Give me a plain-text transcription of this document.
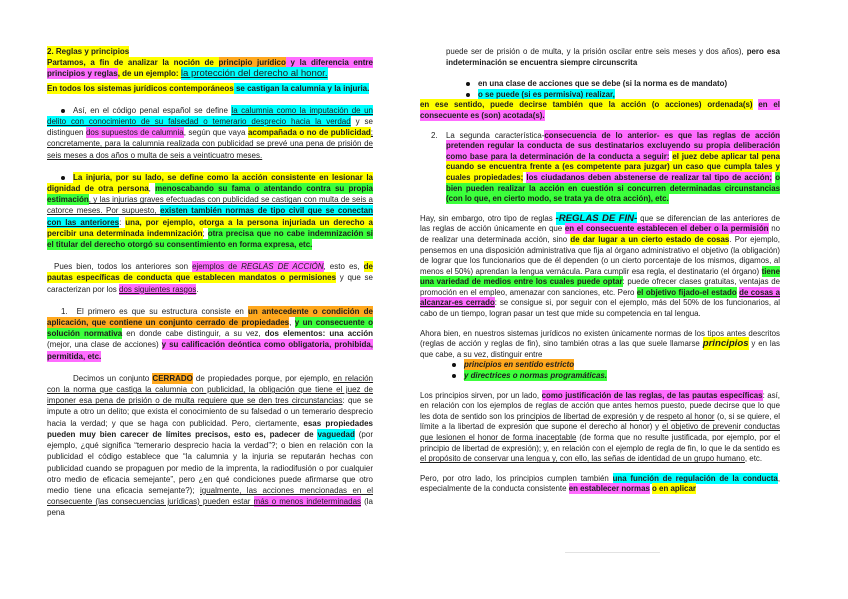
2. Reglas y principios
Partamos, a fin de analizar la noción de principio jurídico y la diferencia entre principios y reglas, de un ejemplo: la protección del derecho al honor.
En todos los sistemas jurídicos contemporáneos se castigan la calumnia y la injuria.
Así, en el código penal español se define la calumnia como la imputación de un delito con conocimiento de su falsedad o temerario desprecio hacia la verdad y se distinguen dos supuestos de calumnia, según que vaya acompañada o no de publicidad; concretamente, para la calumnia realizada con publicidad se prevé una pena de prisión de seis meses a dos años o multa de seis a veinticuatro meses.
La injuria, por su lado, se define como la acción consistente en lesionar la dignidad de otra persona, menoscabando su fama o atentando contra su propia estimación, y las injurias graves efectuadas con publicidad se castigan con multa de seis a catorce meses. Por supuesto, existen también normas de tipo civil que se conectan con las anteriores: una, por ejemplo, otorga a la persona injuriada un derecho a percibir una determinada indemnización; otra precisa que no cabe indemnización si el titular del derecho otorgó su consentimiento en forma expresa, etc.
Pues bien, todos los anteriores son ejemplos de REGLAS DE ACCIÓN, esto es, de pautas específicas de conducta que establecen mandatos o permisiones y que se caracterizan por los dos siguientes rasgos.
1. El primero es que su estructura consiste en un antecedente o condición de aplicación, que contiene un conjunto cerrado de propiedades, y un consecuente o solución normativa en donde cabe distinguir, a su vez, dos elementos: una acción (mejor, una clase de acciones) y su calificación deóntica como obligatoria, prohibida, permitida, etc.
Decimos un conjunto CERRADO de propiedades porque, por ejemplo, en relación con la norma que castiga la calumnia con publicidad, la obligación que tiene el juez de imponer esa pena de prisión o de multa requiere que se den tres circunstancias: que se impute a otro un delito; que exista el conocimiento de su falsedad o un temerario desprecio hacia la verdad; y que se haga con publicidad. Pero, ciertamente, esas propiedades pueden muy bien carecer de límites precisos, esto es, padecer de vaguedad (por ejemplo, ¿qué significa “temerario desprecio hacia la verdad”?; o bien en relación con la publicidad el código establece que “la calumnia y la injuria se reputarán hechas con publicidad cuando se propaguen por medio de la imprenta, la radiodifusión o por cualquier otro medio de eficacia semejante”, pero ¿en qué condiciones puede afirmarse que otro medio tiene una eficacia semejante?); igualmente, las acciones mencionadas en el consecuente (las consecuencias jurídicas) pueden estar más o menos indeterminadas (la pena
puede ser de prisión o de multa, y la prisión oscilar entre seis meses y dos años), pero esa indeterminación se encuentra siempre circunscrita
en una clase de acciones que se debe (si la norma es de mandato)
o se puede (si es permisiva) realizar,
en ese sentido, puede decirse también que la acción (o acciones) ordenada(s) en el consecuente es (son) acotada(s).
2. La segunda característica-consecuencia de lo anterior- es que las reglas de acción pretenden regular la conducta de sus destinatarios excluyendo su propia deliberación como base para la determinación de la conducta a seguir: el juez debe aplicar tal pena cuando se encuentra frente a (es competente para juzgar) un caso que cumpla tales y cuales propiedades; los ciudadanos deben abstenerse de realizar tal tipo de acción; o bien pueden realizar la acción en cuestión si concurren determinadas circunstancias (con lo que, en cierto modo, se trata ya de otra acción), etc.
Hay, sin embargo, otro tipo de reglas -REGLAS DE FIN- que se diferencian de las anteriores de las reglas de acción únicamente en que en el consecuente establecen el deber o la permisión no de realizar una determinada acción, sino de dar lugar a un cierto estado de cosas. Por ejemplo, pensemos en una disposición administrativa que fija al órgano administrativo el objetivo (la obligación) de lograr que los funcionarios que de él dependen (o un cierto porcentaje de los mismos, digamos, al menos el 50%) aprendan la lengua vernácula. Para cumplir esa regla, el destinatario (el órgano) tiene una variedad de medios entre los cuales puede optar: puede ofrecer clases gratuitas, ventajas de promoción en el empleo, amenazar con sanciones, etc. Pero el objetivo fijado-el estado de cosas a alcanzar-es cerrado: se consigue si, por seguir con el ejemplo, más del 50% de los funcionarios, al cabo de un tiempo, logran pasar un test que mide su competencia en tal lengua.
Ahora bien, en nuestros sistemas jurídicos no existen únicamente normas de los tipos antes descritos (reglas de acción y reglas de fin), sino también otras a las que suele llamarse principios y en las que cabe, a su vez, distinguir entre
principios en sentido estricto
y directrices o normas programáticas.
Los principios sirven, por un lado, como justificación de las reglas, de las pautas específicas: así, en relación con los ejemplos de reglas de acción que antes hemos puesto, puede decirse que lo que les dota de sentido son los principios de libertad de expresión y de respeto al honor (o, si se quiere, el límite a la libertad de expresión que supone el derecho al honor) y el objetivo de prevenir conductas que lesionen el honor de forma inaceptable (de forma que no resulte justificada, por ejemplo, por el principio de libertad de expresión); y, en relación con el ejemplo de regla de fin, lo que le da sentido es el propósito de conservar una lengua y, con ello, las señas de identidad de un grupo humano, etc.
Pero, por otro lado, los principios cumplen también una función de regulación de la conducta, especialmente de la conducta consistente en establecer normas o en aplicar
